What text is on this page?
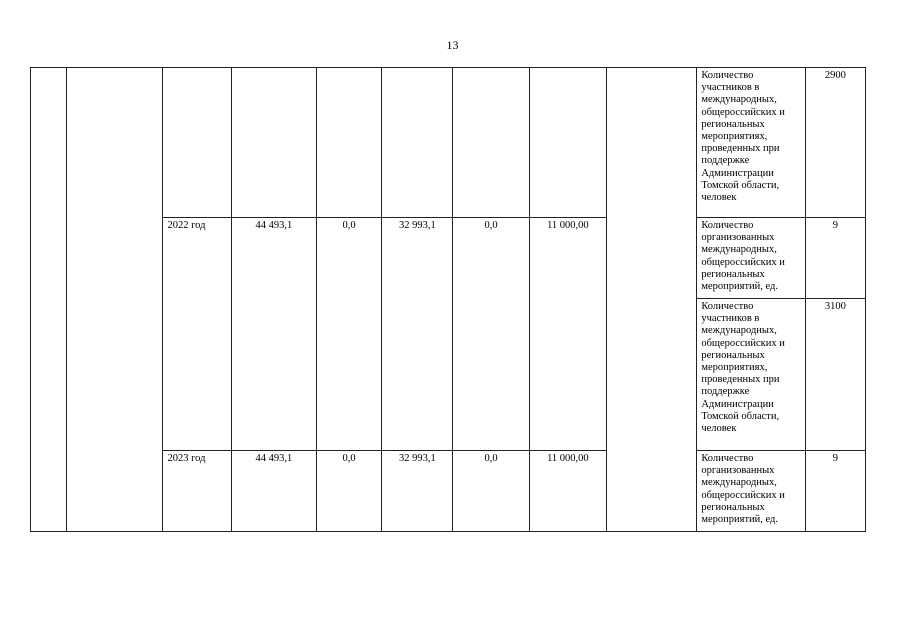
13
									Количество участников в международных, общероссийских и региональных мероприятиях, проведенных при поддержке Администрации Томской области, человек	2900
		2022 год	44 493,1	0,0	32 993,1	0,0	11 000,00		Количество организованных международных, общероссийских и региональных мероприятий, ед.	9
									Количество участников в международных, общероссийских и региональных мероприятиях, проведенных при поддержке Администрации Томской области, человек	3100
		2023 год	44 493,1	0,0	32 993,1	0,0	11 000,00		Количество организованных международных, общероссийских и региональных мероприятий, ед.	9
